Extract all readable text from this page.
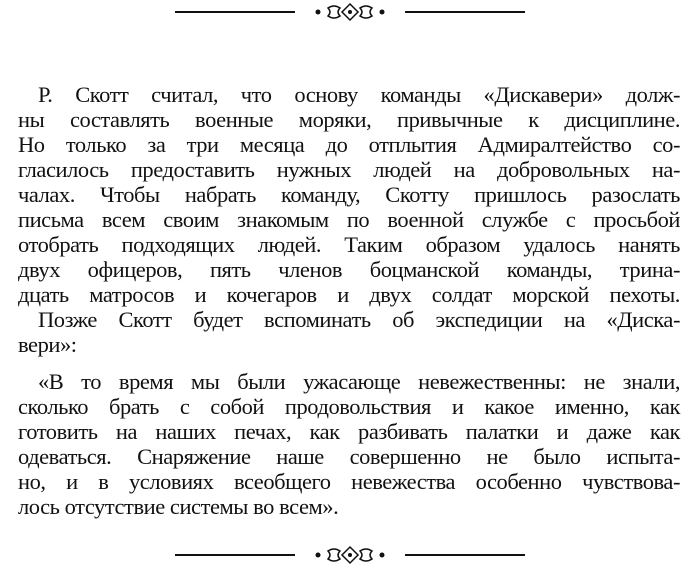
Р. Скотт считал, что основу команды «Дискавери» долж-
ны составлять военные моряки, привычные к дисциплине.
Но только за три месяца до отплытия Адмиралтейство со-
гласилось предоставить нужных людей на добровольных на-
чалах. Чтобы набрать команду, Скотту пришлось разослать
письма всем своим знакомым по военной службе с просьбой
отобрать подходящих людей. Таким образом удалось нанять
двух офицеров, пять членов боцманской команды, трина-
дцать матросов и кочегаров и двух солдат морской пехоты.
Позже Скотт будет вспоминать об экспедиции на «Диска-
вери»:
«В то время мы были ужасающе невежественны: не знали,
сколько брать с собой продовольствия и какое именно, как
готовить на наших печах, как разбивать палатки и даже как
одеваться. Снаряжение наше совершенно не было испыта-
но, и в условиях всеобщего невежества особенно чувствова-
лось отсутствие системы во всем».
